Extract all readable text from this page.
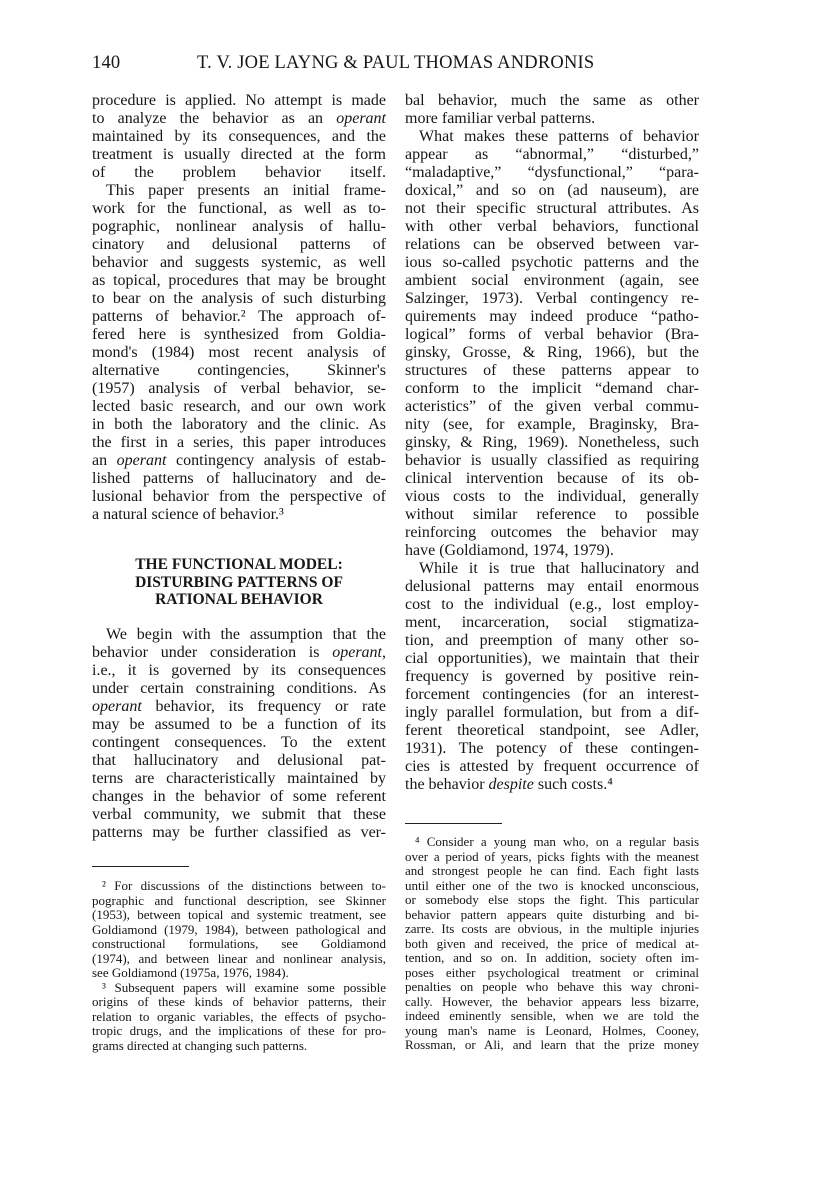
140	T. V. JOE LAYNG & PAUL THOMAS ANDRONIS
procedure is applied. No attempt is made
to analyze the behavior as an operant
maintained by its consequences, and the
treatment is usually directed at the form
of the problem behavior itself.
This paper presents an initial frame-
work for the functional, as well as to-
pographic, nonlinear analysis of hallu-
cinatory and delusional patterns of
behavior and suggests systemic, as well
as topical, procedures that may be brought
to bear on the analysis of such disturbing
patterns of behavior.² The approach of-
fered here is synthesized from Goldia-
mond's (1984) most recent analysis of
alternative contingencies, Skinner's
(1957) analysis of verbal behavior, se-
lected basic research, and our own work
in both the laboratory and the clinic. As
the first in a series, this paper introduces
an operant contingency analysis of estab-
lished patterns of hallucinatory and de-
lusional behavior from the perspective of
a natural science of behavior.³
THE FUNCTIONAL MODEL:
DISTURBING PATTERNS OF
RATIONAL BEHAVIOR
We begin with the assumption that the
behavior under consideration is operant,
i.e., it is governed by its consequences
under certain constraining conditions. As
operant behavior, its frequency or rate
may be assumed to be a function of its
contingent consequences. To the extent
that hallucinatory and delusional pat-
terns are characteristically maintained by
changes in the behavior of some referent
verbal community, we submit that these
patterns may be further classified as ver-
² For discussions of the distinctions between to-
pographic and functional description, see Skinner
(1953), between topical and systemic treatment, see
Goldiamond (1979, 1984), between pathological and
constructional formulations, see Goldiamond
(1974), and between linear and nonlinear analysis,
see Goldiamond (1975a, 1976, 1984).
³ Subsequent papers will examine some possible
origins of these kinds of behavior patterns, their
relation to organic variables, the effects of psycho-
tropic drugs, and the implications of these for pro-
grams directed at changing such patterns.
bal behavior, much the same as other
more familiar verbal patterns.
What makes these patterns of behavior
appear as “abnormal,” “disturbed,”
“maladaptive,” “dysfunctional,” “para-
doxical,” and so on (ad nauseum), are
not their specific structural attributes. As
with other verbal behaviors, functional
relations can be observed between var-
ious so-called psychotic patterns and the
ambient social environment (again, see
Salzinger, 1973). Verbal contingency re-
quirements may indeed produce “patho-
logical” forms of verbal behavior (Bra-
ginsky, Grosse, & Ring, 1966), but the
structures of these patterns appear to
conform to the implicit “demand char-
acteristics” of the given verbal commu-
nity (see, for example, Braginsky, Bra-
ginsky, & Ring, 1969). Nonetheless, such
behavior is usually classified as requiring
clinical intervention because of its ob-
vious costs to the individual, generally
without similar reference to possible
reinforcing outcomes the behavior may
have (Goldiamond, 1974, 1979).
While it is true that hallucinatory and
delusional patterns may entail enormous
cost to the individual (e.g., lost employ-
ment, incarceration, social stigmatiza-
tion, and preemption of many other so-
cial opportunities), we maintain that their
frequency is governed by positive rein-
forcement contingencies (for an interest-
ingly parallel formulation, but from a dif-
ferent theoretical standpoint, see Adler,
1931). The potency of these contingen-
cies is attested by frequent occurrence of
the behavior despite such costs.⁴
⁴ Consider a young man who, on a regular basis
over a period of years, picks fights with the meanest
and strongest people he can find. Each fight lasts
until either one of the two is knocked unconscious,
or somebody else stops the fight. This particular
behavior pattern appears quite disturbing and bi-
zarre. Its costs are obvious, in the multiple injuries
both given and received, the price of medical at-
tention, and so on. In addition, society often im-
poses either psychological treatment or criminal
penalties on people who behave this way chroni-
cally. However, the behavior appears less bizarre,
indeed eminently sensible, when we are told the
young man's name is Leonard, Holmes, Cooney,
Rossman, or Ali, and learn that the prize money
